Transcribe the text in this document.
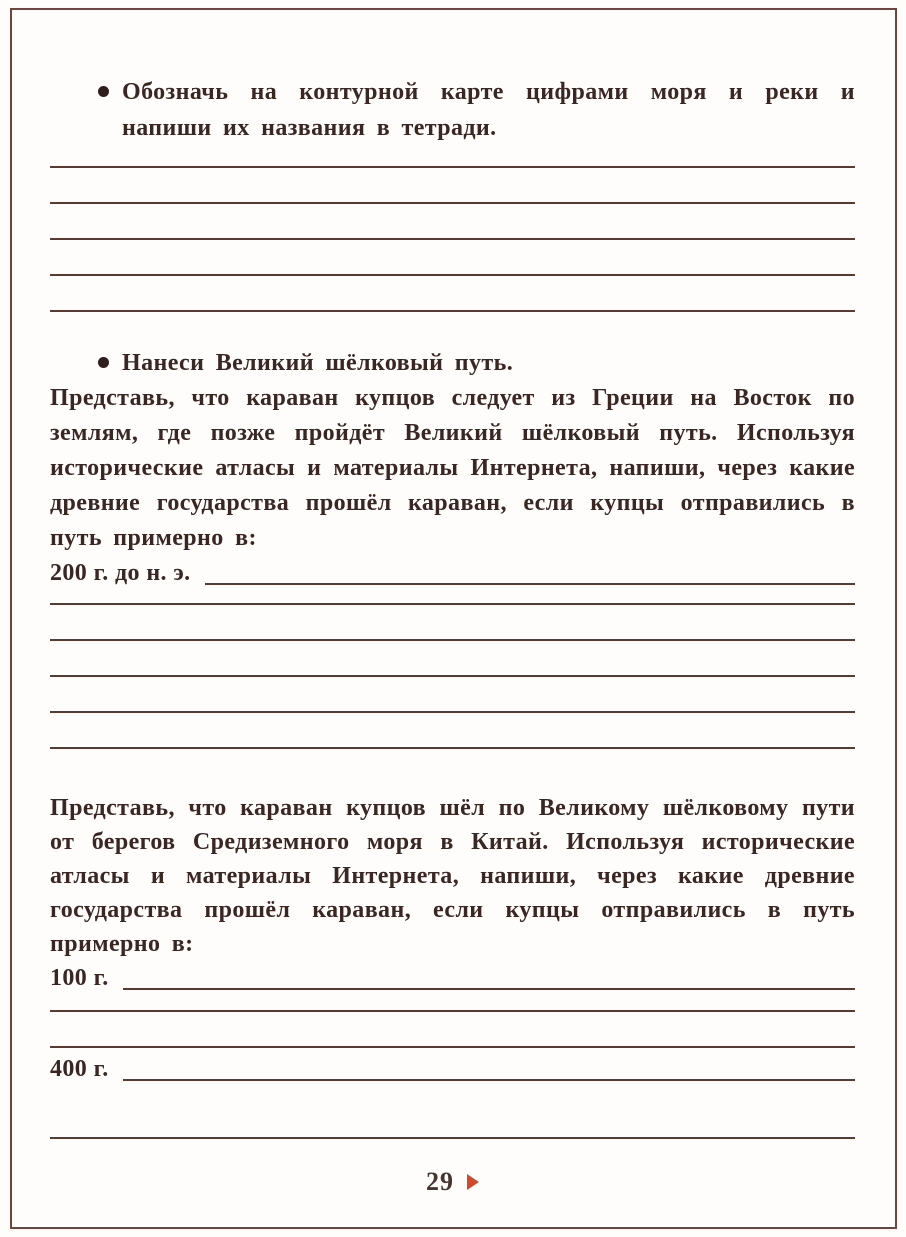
Обозначь на контурной карте цифрами моря и реки и напиши их названия в тетради.
Нанеси Великий шёлковый путь.
Представь, что караван купцов следует из Греции на Восток по землям, где позже пройдёт Великий шёлковый путь. Используя исторические атласы и материалы Интернета, напиши, через какие древние государства прошёл караван, если купцы отправились в путь примерно в:
200 г. до н. э.
Представь, что караван купцов шёл по Великому шёлковому пути от берегов Средиземного моря в Китай. Используя исторические атласы и материалы Интернета, напиши, через какие древние государства прошёл караван, если купцы отправились в путь примерно в:
100 г.
400 г.
29
